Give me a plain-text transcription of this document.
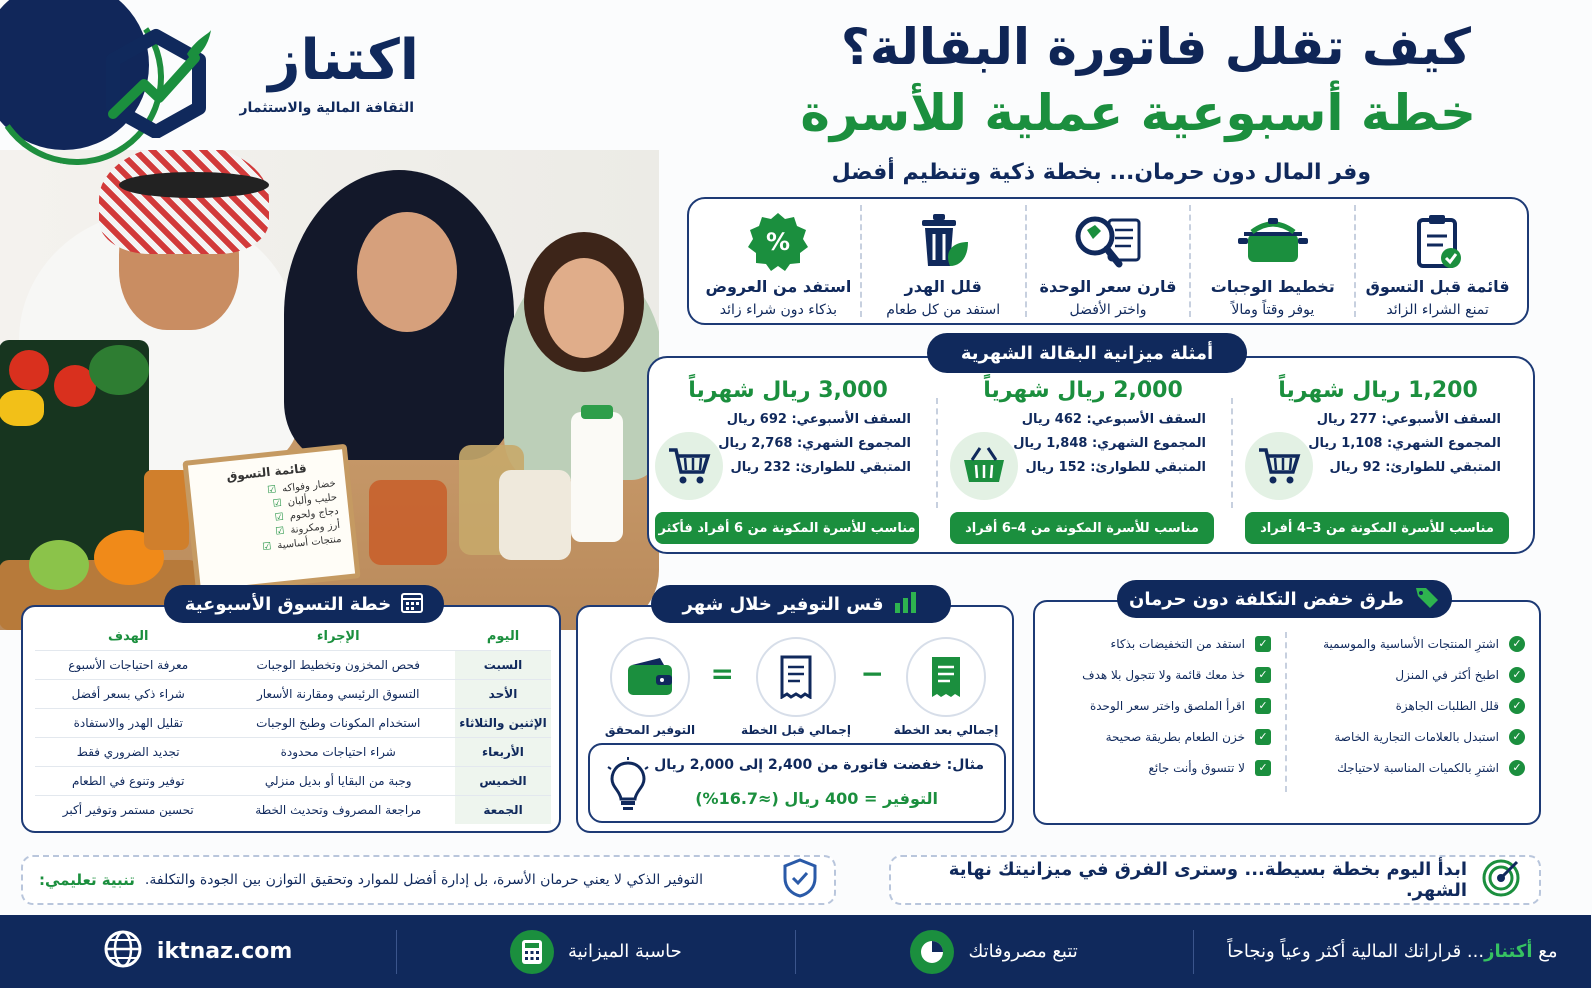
اكتناز
الثقافة المالية والاستثمار
كيف تقلل فاتورة البقالة؟
خطة أسبوعية عملية للأسرة
وفر المال دون حرمان... بخطة ذكية وتنظيم أفضل
قائمة التسوق
خضار وفواكه
☑
حليب وألبان
☑
دجاج ولحوم
☑
أرز ومكرونة
☑
منتجات أساسية
☑
قائمة قبل التسوق
تمنع الشراء الزائد
تخطيط الوجبات
يوفر وقتاً ومالاً
قارن سعر الوحدة
واختر الأفضل
قلل الهدر
استفد من كل طعام
%
استفد من العروض
بذكاء دون شراء زائد
1,200 ريال شهرياً
السقف الأسبوعي: 277 ريال
المجموع الشهري: 1,108 ريال
المتبقي للطوارئ: 92 ريال
مناسب للأسرة المكونة من 3–4 أفراد
2,000 ريال شهرياً
السقف الأسبوعي: 462 ريال
المجموع الشهري: 1,848 ريال
المتبقي للطوارئ: 152 ريال
مناسب للأسرة المكونة من 4–6 أفراد
3,000 ريال شهرياً
السقف الأسبوعي: 692 ريال
المجموع الشهري: 2,768 ريال
المتبقي للطوارئ: 232 ريال
مناسب للأسرة المكونة من 6 أفراد فأكثر
أمثلة ميزانية البقالة الشهرية
اليوم	الإجراء	الهدف
السبت	فحص المخزون وتخطيط الوجبات	معرفة احتياجات الأسبوع
الأحد	التسوق الرئيسي ومقارنة الأسعار	شراء ذكي بسعر أفضل
الإثنين والثلاثاء	استخدام المكونات وطبخ الوجبات	تقليل الهدر والاستفادة
الأربعاء	شراء احتياجات محدودة	تجديد الضروري فقط
الخميس	وجبة من البقايا أو بديل منزلي	توفير وتنوع في الطعام
الجمعة	مراجعة المصروف وتحديث الخطة	تحسين مستمر وتوفير أكبر
خطة التسوق الأسبوعية
إجمالي بعد الخطة
−
إجمالي قبل الخطة
=
التوفير المحقق
مثال: خفضت فاتورة من 2,400 إلى 2,000 ريال
التوفير = 400 ريال (≈16.7%)
قس التوفير خلال شهر
✓
اشترِ المنتجات الأساسية والموسمية
✓
اطبخ أكثر في المنزل
✓
قلل الطلبات الجاهزة
✓
استبدل بالعلامات التجارية الخاصة
✓
اشترِ بالكميات المناسبة لاحتياجك
✓
استفد من التخفيضات بذكاء
✓
خذ معك قائمة ولا تتجول بلا هدف
✓
اقرأ الملصق واختر سعر الوحدة
✓
خزن الطعام بطريقة صحيحة
✓
لا تتسوق وأنت جائع
طرق خفض التكلفة دون حرمان
التوفير الذكي لا يعني حرمان الأسرة، بل إدارة أفضل للموارد وتحقيق التوازن بين الجودة والتكلفة.
تنبية تعليمي:	ابدأ اليوم بخطة بسيطة... وسترى الفرق في ميزانيتك نهاية الشهر.
مع أكتناز... قراراتك المالية أكثر وعياً ونجاحاً
تتبع مصروفاتك
حاسبة الميزانية
iktnaz.com
